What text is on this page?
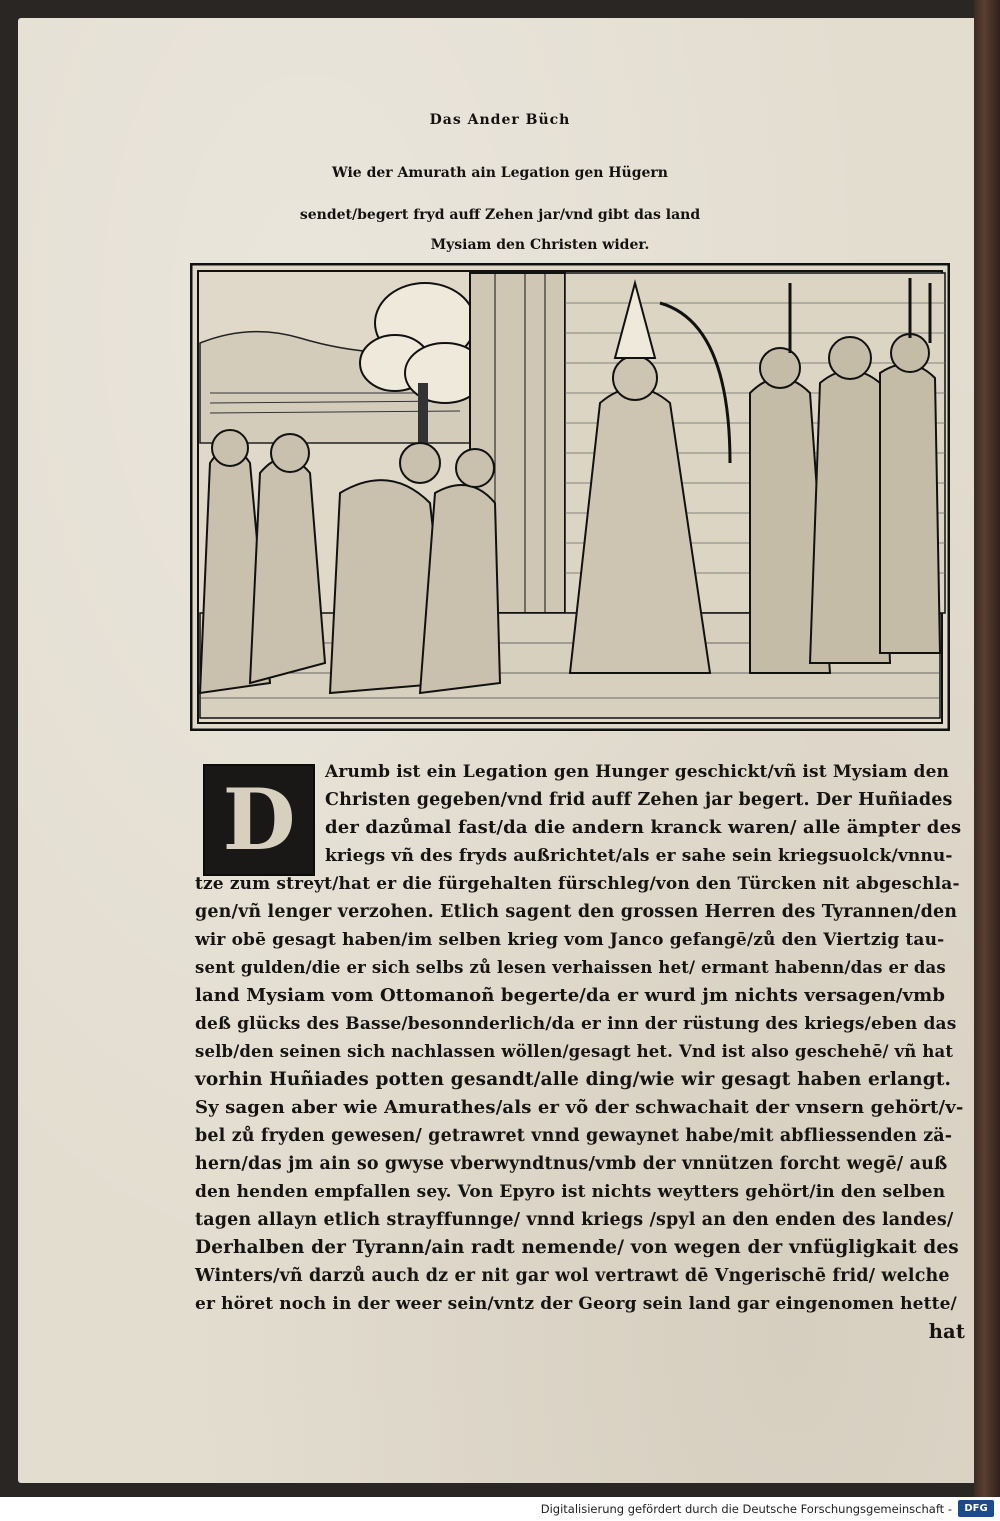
Das Ander Büch
Wie der Amurath ain Legation gen Hügern
sendet/begert fryd auff Zehen jar/vnd gibt das land
Mysiam den Christen wider.
D	Arumb ist ein Legation gen Hunger geschickt/vñ ist Mysiam den
Christen gegeben/vnd frid auff Zehen jar begert. Der Huñiades
der dazůmal fast/da die andern kranck waren/ alle ämpter des
kriegs vñ des fryds außrichtet/als er sahe sein kriegsuolck/vnnu-
tze zum streyt/hat er die fürgehalten fürschleg/von den Türcken nit abgeschla-
gen/vñ lenger verzohen. Etlich sagent den grossen Herren des Tyrannen/den
wir obē gesagt haben/im selben krieg vom Janco gefangē/zů den Viertzig tau-
sent gulden/die er sich selbs zů lesen verhaissen het/ ermant habenn/das er das
land Mysiam vom Ottomanoñ begerte/da er wurd jm nichts versagen/vmb
deß glücks des Basse/besonnderlich/da er inn der rüstung des kriegs/eben das
selb/den seinen sich nachlassen wöllen/gesagt het. Vnd ist also geschehē/ vñ hat
vorhin Huñiades potten gesandt/alle ding/wie wir gesagt haben erlangt.
Sy sagen aber wie Amurathes/als er võ der schwachait der vnsern gehört/v-
bel zů fryden gewesen/ getrawret vnnd gewaynet habe/mit abfliessenden zä-
hern/das jm ain so gwyse vberwyndtnus/vmb der vnnützen forcht wegē/ auß
den henden empfallen sey. Von Epyro ist nichts weytters gehört/in den selben
tagen allayn etlich strayffunnge/ vnnd kriegs /spyl an den enden des landes/
Derhalben der Tyrann/ain radt nemende/ von wegen der vnfügligkait des
Winters/vñ darzů auch dz er nit gar wol vertrawt dē Vngerischē frid/ welche
er höret noch in der weer sein/vntz der Georg sein land gar eingenomen hette/
hat
Digitalisierung gefördert durch die Deutsche Forschungsgemeinschaft -	DFG
